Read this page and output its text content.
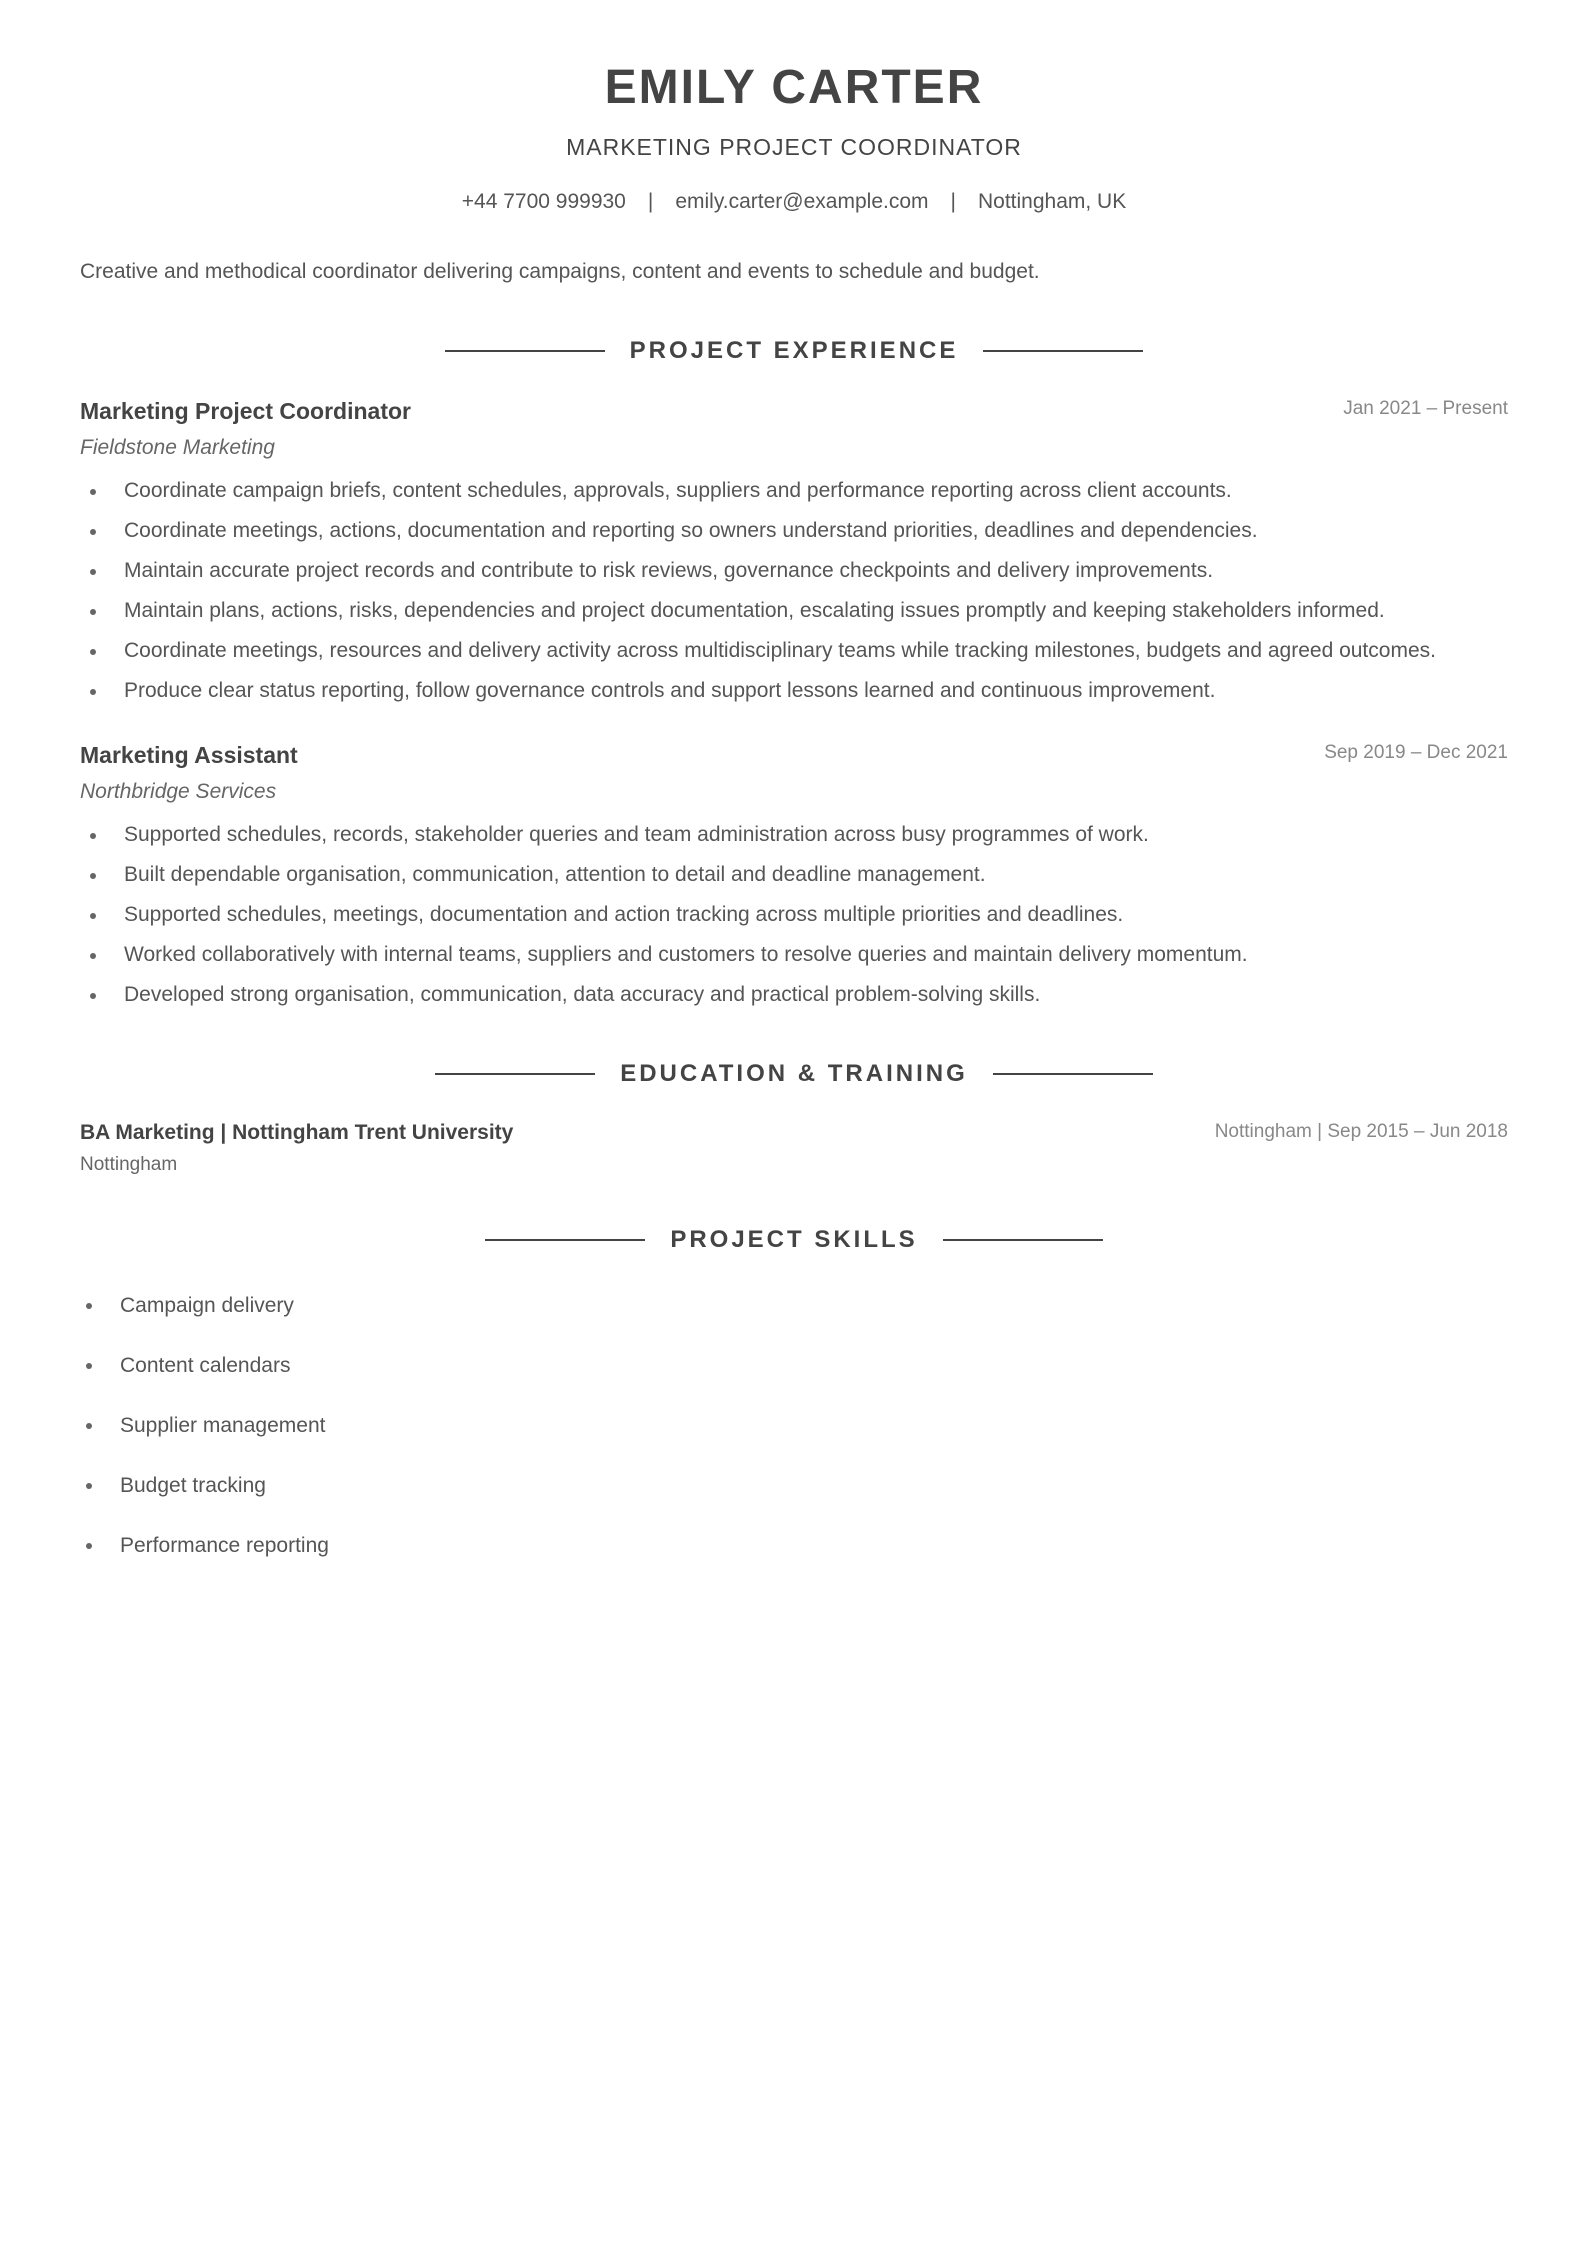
EMILY CARTER
MARKETING PROJECT COORDINATOR
+44 7700 999930 | emily.carter@example.com | Nottingham, UK
Creative and methodical coordinator delivering campaigns, content and events to schedule and budget.
PROJECT EXPERIENCE
Marketing Project Coordinator	Jan 2021 – Present
Fieldstone Marketing
Coordinate campaign briefs, content schedules, approvals, suppliers and performance reporting across client accounts.
Coordinate meetings, actions, documentation and reporting so owners understand priorities, deadlines and dependencies.
Maintain accurate project records and contribute to risk reviews, governance checkpoints and delivery improvements.
Maintain plans, actions, risks, dependencies and project documentation, escalating issues promptly and keeping stakeholders informed.
Coordinate meetings, resources and delivery activity across multidisciplinary teams while tracking milestones, budgets and agreed outcomes.
Produce clear status reporting, follow governance controls and support lessons learned and continuous improvement.
Marketing Assistant	Sep 2019 – Dec 2021
Northbridge Services
Supported schedules, records, stakeholder queries and team administration across busy programmes of work.
Built dependable organisation, communication, attention to detail and deadline management.
Supported schedules, meetings, documentation and action tracking across multiple priorities and deadlines.
Worked collaboratively with internal teams, suppliers and customers to resolve queries and maintain delivery momentum.
Developed strong organisation, communication, data accuracy and practical problem-solving skills.
EDUCATION & TRAINING
BA Marketing | Nottingham Trent University	Nottingham | Sep 2015 – Jun 2018
Nottingham
PROJECT SKILLS
Campaign delivery
Content calendars
Supplier management
Budget tracking
Performance reporting
